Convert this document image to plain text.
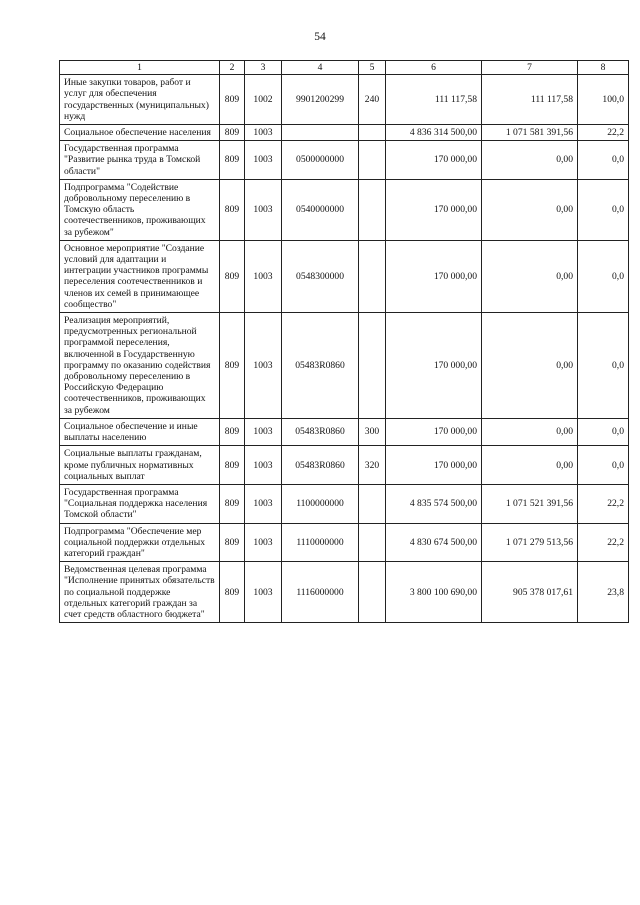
54
1	2	3	4	5	6	7	8
Иные закупки товаров, работ и услуг для обеспечения государственных (муниципальных) нужд	809	1002	9901200299	240	111 117,58	111 117,58	100,0
Социальное обеспечение населения	809	1003			4 836 314 500,00	1 071 581 391,56	22,2
Государственная программа "Развитие рынка труда в Томской области"	809	1003	0500000000		170 000,00	0,00	0,0
Подпрограмма "Содействие добровольному переселению в Томскую область соотечественников, проживающих за рубежом"	809	1003	0540000000		170 000,00	0,00	0,0
Основное мероприятие "Создание условий для адаптации и интеграции участников программы переселения соотечественников и членов их семей в принимающее сообщество"	809	1003	0548300000		170 000,00	0,00	0,0
Реализация мероприятий, предусмотренных региональной программой переселения, включенной в Государственную программу по оказанию содействия добровольному переселению в Российскую Федерацию соотечественников, проживающих за рубежом	809	1003	05483R0860		170 000,00	0,00	0,0
Социальное обеспечение и иные выплаты населению	809	1003	05483R0860	300	170 000,00	0,00	0,0
Социальные выплаты гражданам, кроме публичных нормативных социальных выплат	809	1003	05483R0860	320	170 000,00	0,00	0,0
Государственная программа "Социальная поддержка населения Томской области"	809	1003	1100000000		4 835 574 500,00	1 071 521 391,56	22,2
Подпрограмма "Обеспечение мер социальной поддержки отдельных категорий граждан"	809	1003	1110000000		4 830 674 500,00	1 071 279 513,56	22,2
Ведомственная целевая программа "Исполнение принятых обязательств по социальной поддержке отдельных категорий граждан за счет средств областного бюджета"	809	1003	1116000000		3 800 100 690,00	905 378 017,61	23,8
